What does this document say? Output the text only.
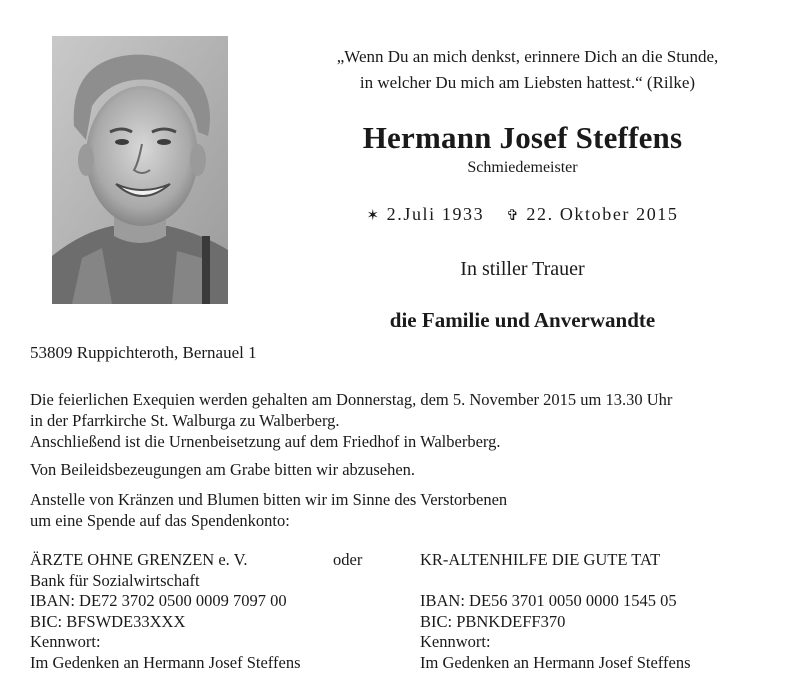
„Wenn Du an mich denkst, erinnere Dich an die Stunde,
in welcher Du mich am Liebsten hattest.“ (Rilke)
Hermann Josef Steffens
Schmiedemeister
✶ 2.Juli 1933 ✞ 22. Oktober 2015
In stiller Trauer
die Familie und Anverwandte
53809 Ruppichteroth, Bernauel 1
Die feierlichen Exequien werden gehalten am Donnerstag, dem 5. November 2015 um 13.30 Uhr
in der Pfarrkirche St. Walburga zu Walberberg.
Anschließend ist die Urnenbeisetzung auf dem Friedhof in Walberberg.
Von Beileidsbezeugungen am Grabe bitten wir abzusehen.
Anstelle von Kränzen und Blumen bitten wir im Sinne des Verstorbenen
um eine Spende auf das Spendenkonto:
ÄRZTE OHNE GRENZEN e. V.
Bank für Sozialwirtschaft
IBAN: DE72 3702 0500 0009 7097 00
BIC: BFSWDE33XXX
Kennwort:
Im Gedenken an Hermann Josef Steffens
oder	KR-ALTENHILFE DIE GUTE TAT
IBAN: DE56 3701 0050 0000 1545 05
BIC: PBNKDEFF370
Kennwort:
Im Gedenken an Hermann Josef Steffens
